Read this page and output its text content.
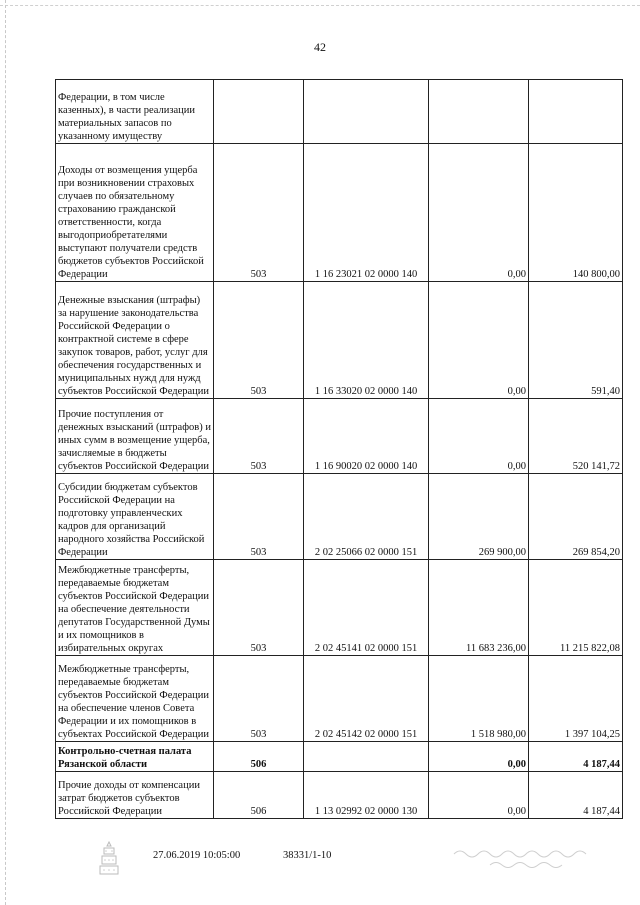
42
Федерации, в том числе казенных), в части реализации материальных запасов по указанному имуществу				
Доходы от возмещения ущерба при возникновении страховых случаев по обязательному страхованию гражданской ответственности, когда выгодоприобретателями выступают получатели средств бюджетов субъектов Российской Федерации	503	1 16 23021 02 0000 140	0,00	140 800,00
Денежные взыскания (штрафы) за нарушение законодательства Российской Федерации о контрактной системе в сфере закупок товаров, работ, услуг для обеспечения государственных и муниципальных нужд для нужд субъектов Российской Федерации	503	1 16 33020 02 0000 140	0,00	591,40
Прочие поступления от денежных взысканий (штрафов) и иных сумм в возмещение ущерба, зачисляемые в бюджеты субъектов Российской Федерации	503	1 16 90020 02 0000 140	0,00	520 141,72
Субсидии бюджетам субъектов Российской Федерации на подготовку управленческих кадров для организаций народного хозяйства Российской Федерации	503	2 02 25066 02 0000 151	269 900,00	269 854,20
Межбюджетные трансферты, передаваемые бюджетам субъектов Российской Федерации на обеспечение деятельности депутатов Государственной Думы и их помощников в избирательных округах	503	2 02 45141 02 0000 151	11 683 236,00	11 215 822,08
Межбюджетные трансферты, передаваемые бюджетам субъектов Российской Федерации на обеспечение членов Совета Федерации и их помощников в субъектах Российской Федерации	503	2 02 45142 02 0000 151	1 518 980,00	1 397 104,25
Контрольно-счетная палата Рязанской области	506		0,00	4 187,44
Прочие доходы от компенсации затрат бюджетов субъектов Российской Федерации	506	1 13 02992 02 0000 130	0,00	4 187,44
27.06.2019 10:05:00	38331/1-10
